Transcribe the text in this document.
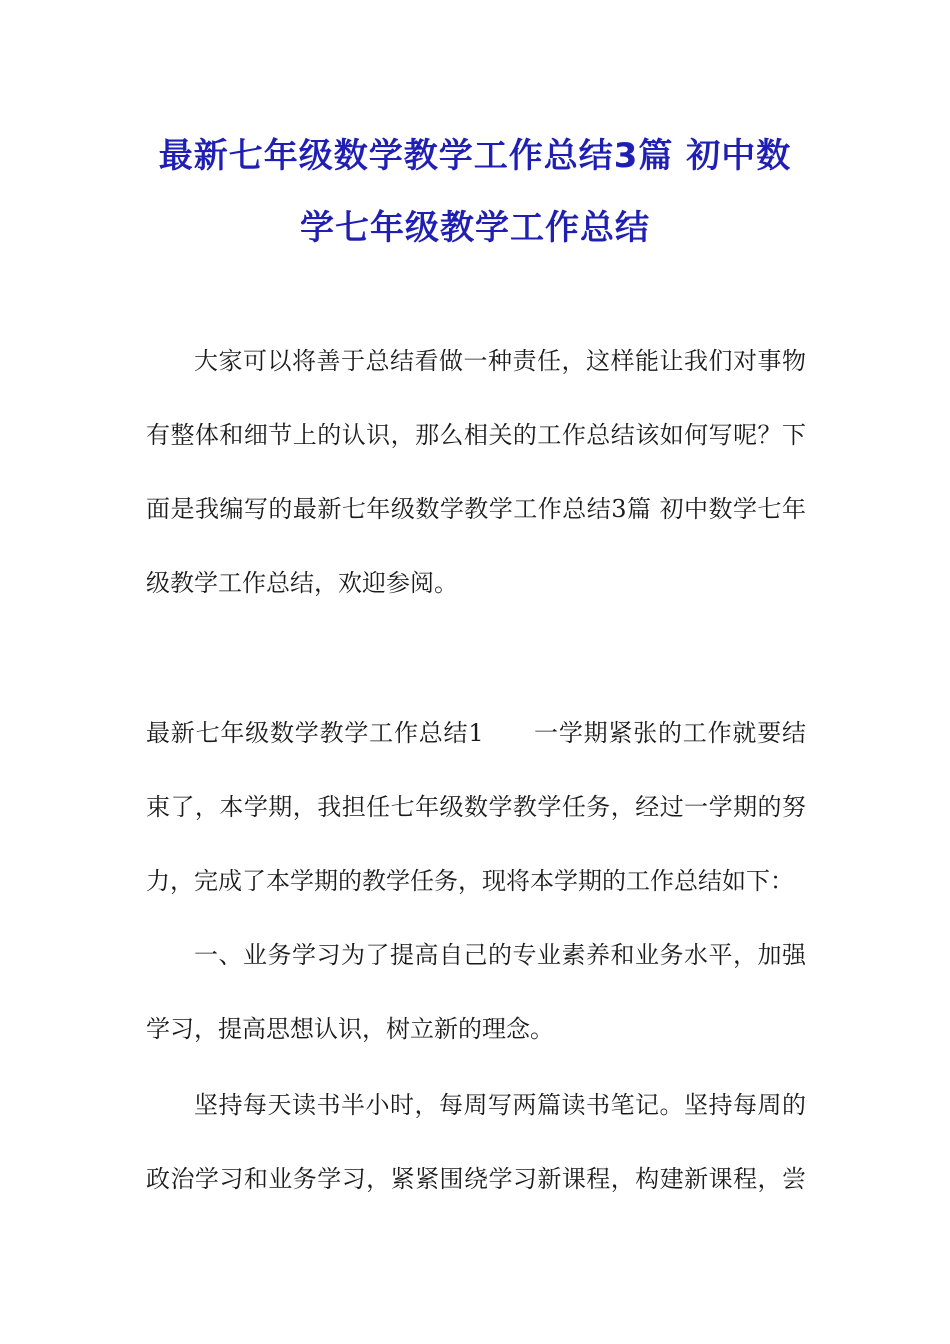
最新七年级数学教学工作总结3篇 初中数
学七年级教学工作总结
大家可以将善于总结看做一种责任，这样能让我们对事物
有整体和细节上的认识，那么相关的工作总结该如何写呢？下
面是我编写的最新七年级数学教学工作总结3篇 初中数学七年
级教学工作总结，欢迎参阅。
最新七年级数学教学工作总结1　　一学期紧张的工作就要结
束了，本学期，我担任七年级数学教学任务，经过一学期的努
力，完成了本学期的教学任务，现将本学期的工作总结如下：
一、业务学习为了提高自己的专业素养和业务水平，加强
学习，提高思想认识，树立新的理念。
坚持每天读书半小时，每周写两篇读书笔记。坚持每周的
政治学习和业务学习，紧紧围绕学习新课程，构建新课程，尝
